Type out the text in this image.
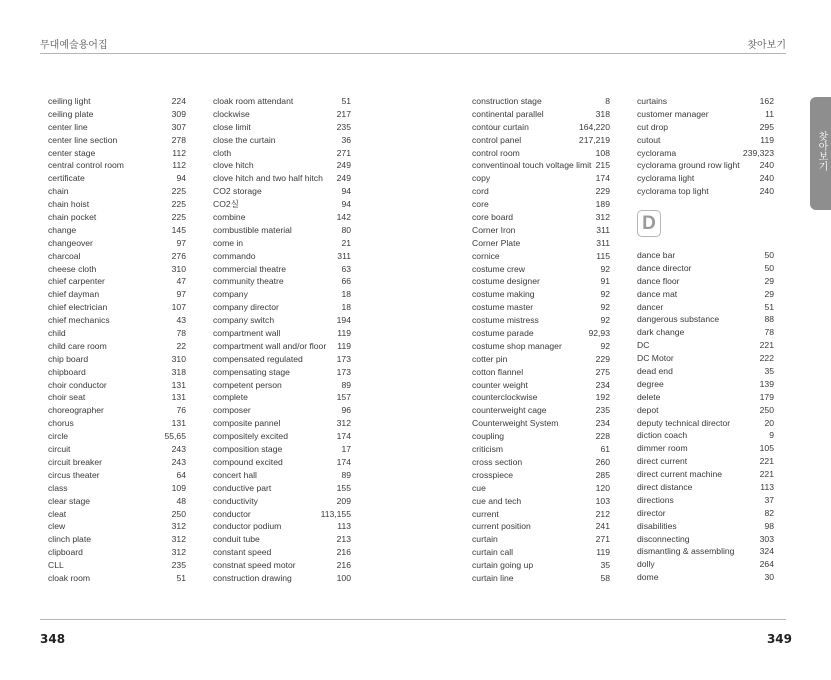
무대예술용어집	찾아보기
ceiling light	224
ceiling plate	309
center line	307
center line section	278
center stage	112
central control room	112
certificate	94
chain	225
chain hoist	225
chain pocket	225
change	145
changeover	97
charcoal	276
cheese cloth	310
chief carpenter	47
chief dayman	97
chief electrician	107
chief mechanics	43
child	78
child care room	22
chip board	310
chipboard	318
choir conductor	131
choir seat	131
choreographer	76
chorus	131
circle	55,65
circuit	243
circuit breaker	243
circus theater	64
class	109
clear stage	48
cleat	250
clew	312
clinch plate	312
clipboard	312
CLL	235
cloak room	51
cloak room attendant	51
clockwise	217
close limit	235
close the curtain	36
cloth	271
clove hitch	249
clove hitch and two half hitch 249
CO2 storage	94
CO2실	94
combine	142
combustible material	80
come in	21
commando	311
commercial theatre	63
community theatre	66
company	18
company director	18
company switch	194
compartment wall	119
compartment wall and/or floor 119
compensated regulated	173
compensating stage	173
competent person	89
complete	157
composer	96
composite pannel	312
compositely excited	174
composition stage	17
compound excited	174
concert hall	89
conductive part	155
conductivity	209
conductor	113,155
conductor podium	113
conduit tube	213
constant speed	216
constnat speed motor	216
construction drawing	100
construction stage	8
continental parallel	318
contour curtain	164,220
control panel	217,219
control room	108
conventinoal touch voltage limit 215
copy	174
cord	229
core	189
core board	312
Corner Iron	311
Corner Plate	311
cornice	115
costume crew	92
costume designer	91
costume making	92
costume master	92
costume mistress	92
costume parade	92,93
costume shop manager	92
cotter pin	229
cotton flannel	275
counter weight	234
counterclockwise	192
counterweight cage	235
Counterweight System	234
coupling	228
criticism	61
cross section	260
crosspiece	285
cue	120
cue and tech	103
current	212
current position	241
curtain	271
curtain call	119
curtain going up	35
curtain line	58
curtains	162
customer manager	11
cut drop	295
cutout	119
cyclorama	239,323
cyclorama ground row light 240
cyclorama light	240
cyclorama top light	240
dance bar	50
dance director	50
dance floor	29
dance mat	29
dancer	51
dangerous substance	88
dark change	78
DC	221
DC Motor	222
dead end	35
degree	139
delete	179
depot	250
deputy technical director	20
diction coach	9
dimmer room	105
direct current	221
direct current machine	221
direct distance	113
directions	37
director	82
disabilities	98
disconnecting	303
dismantling & assembling	324
dolly	264
dome	30
D
찾아보기
348	349
